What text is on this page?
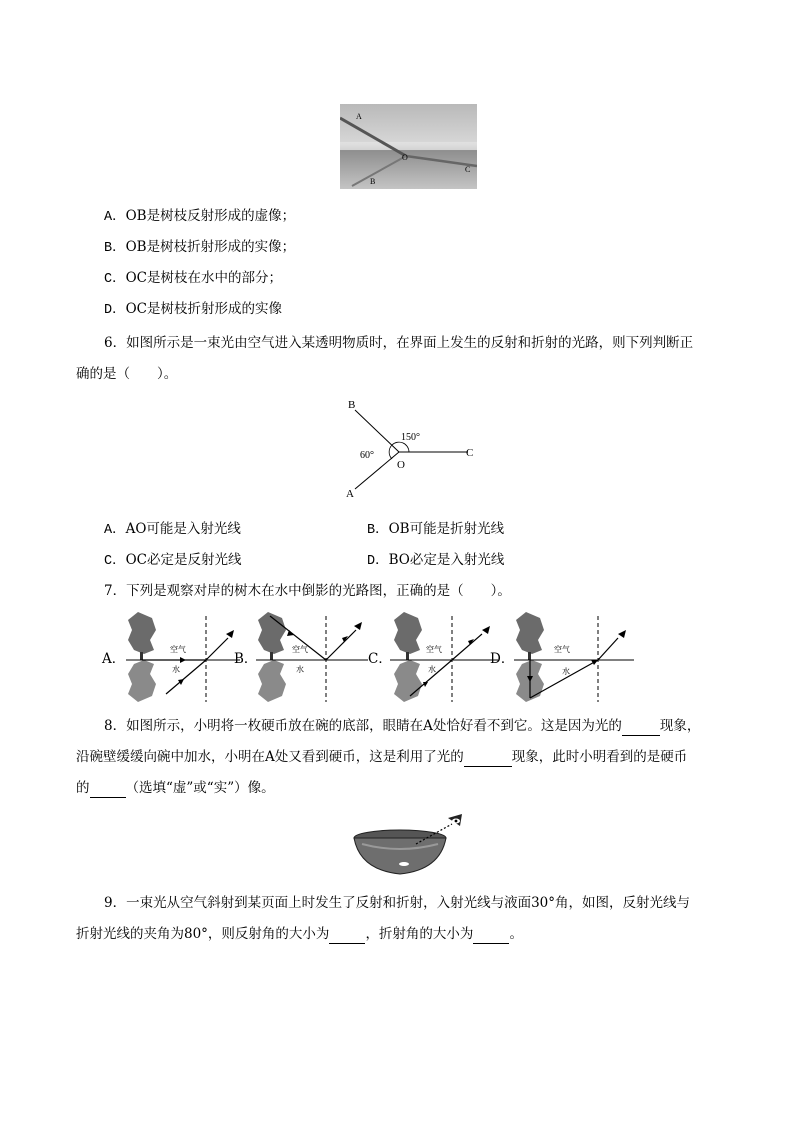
A
O
B
C
A．OB是树枝反射形成的虚像；
B．OB是树枝折射形成的实像；
C．OC是树枝在水中的部分；
D．OC是树枝折射形成的实像
6．如图所示是一束光由空气进入某透明物质时，在界面上发生的反射和折射的光路，则下列判断正
确的是（　　）。
B
A
C
O
150°
60°
A．AO可能是入射光线	B．OB可能是折射光线
C．OC必定是反射光线	D．BO必定是入射光线
7．下列是观察对岸的树木在水中倒影的光路图，正确的是（　　）。
A．
空气
水
B．
空气
水
C．
空气
水
D．
空气
水
8．如图所示，小明将一枚硬币放在碗的底部，眼睛在A处恰好看不到它。这是因为光的	现象，
沿碗壁缓缓向碗中加水，小明在A处又看到硬币，这是利用了光的	现象，此时小明看到的是硬币
的	（选填“虚”或“实”）像。
9．一束光从空气斜射到某页面上时发生了反射和折射，入射光线与液面30°角，如图，反射光线与
折射光线的夹角为80°，则反射角的大小为	，折射角的大小为	。
